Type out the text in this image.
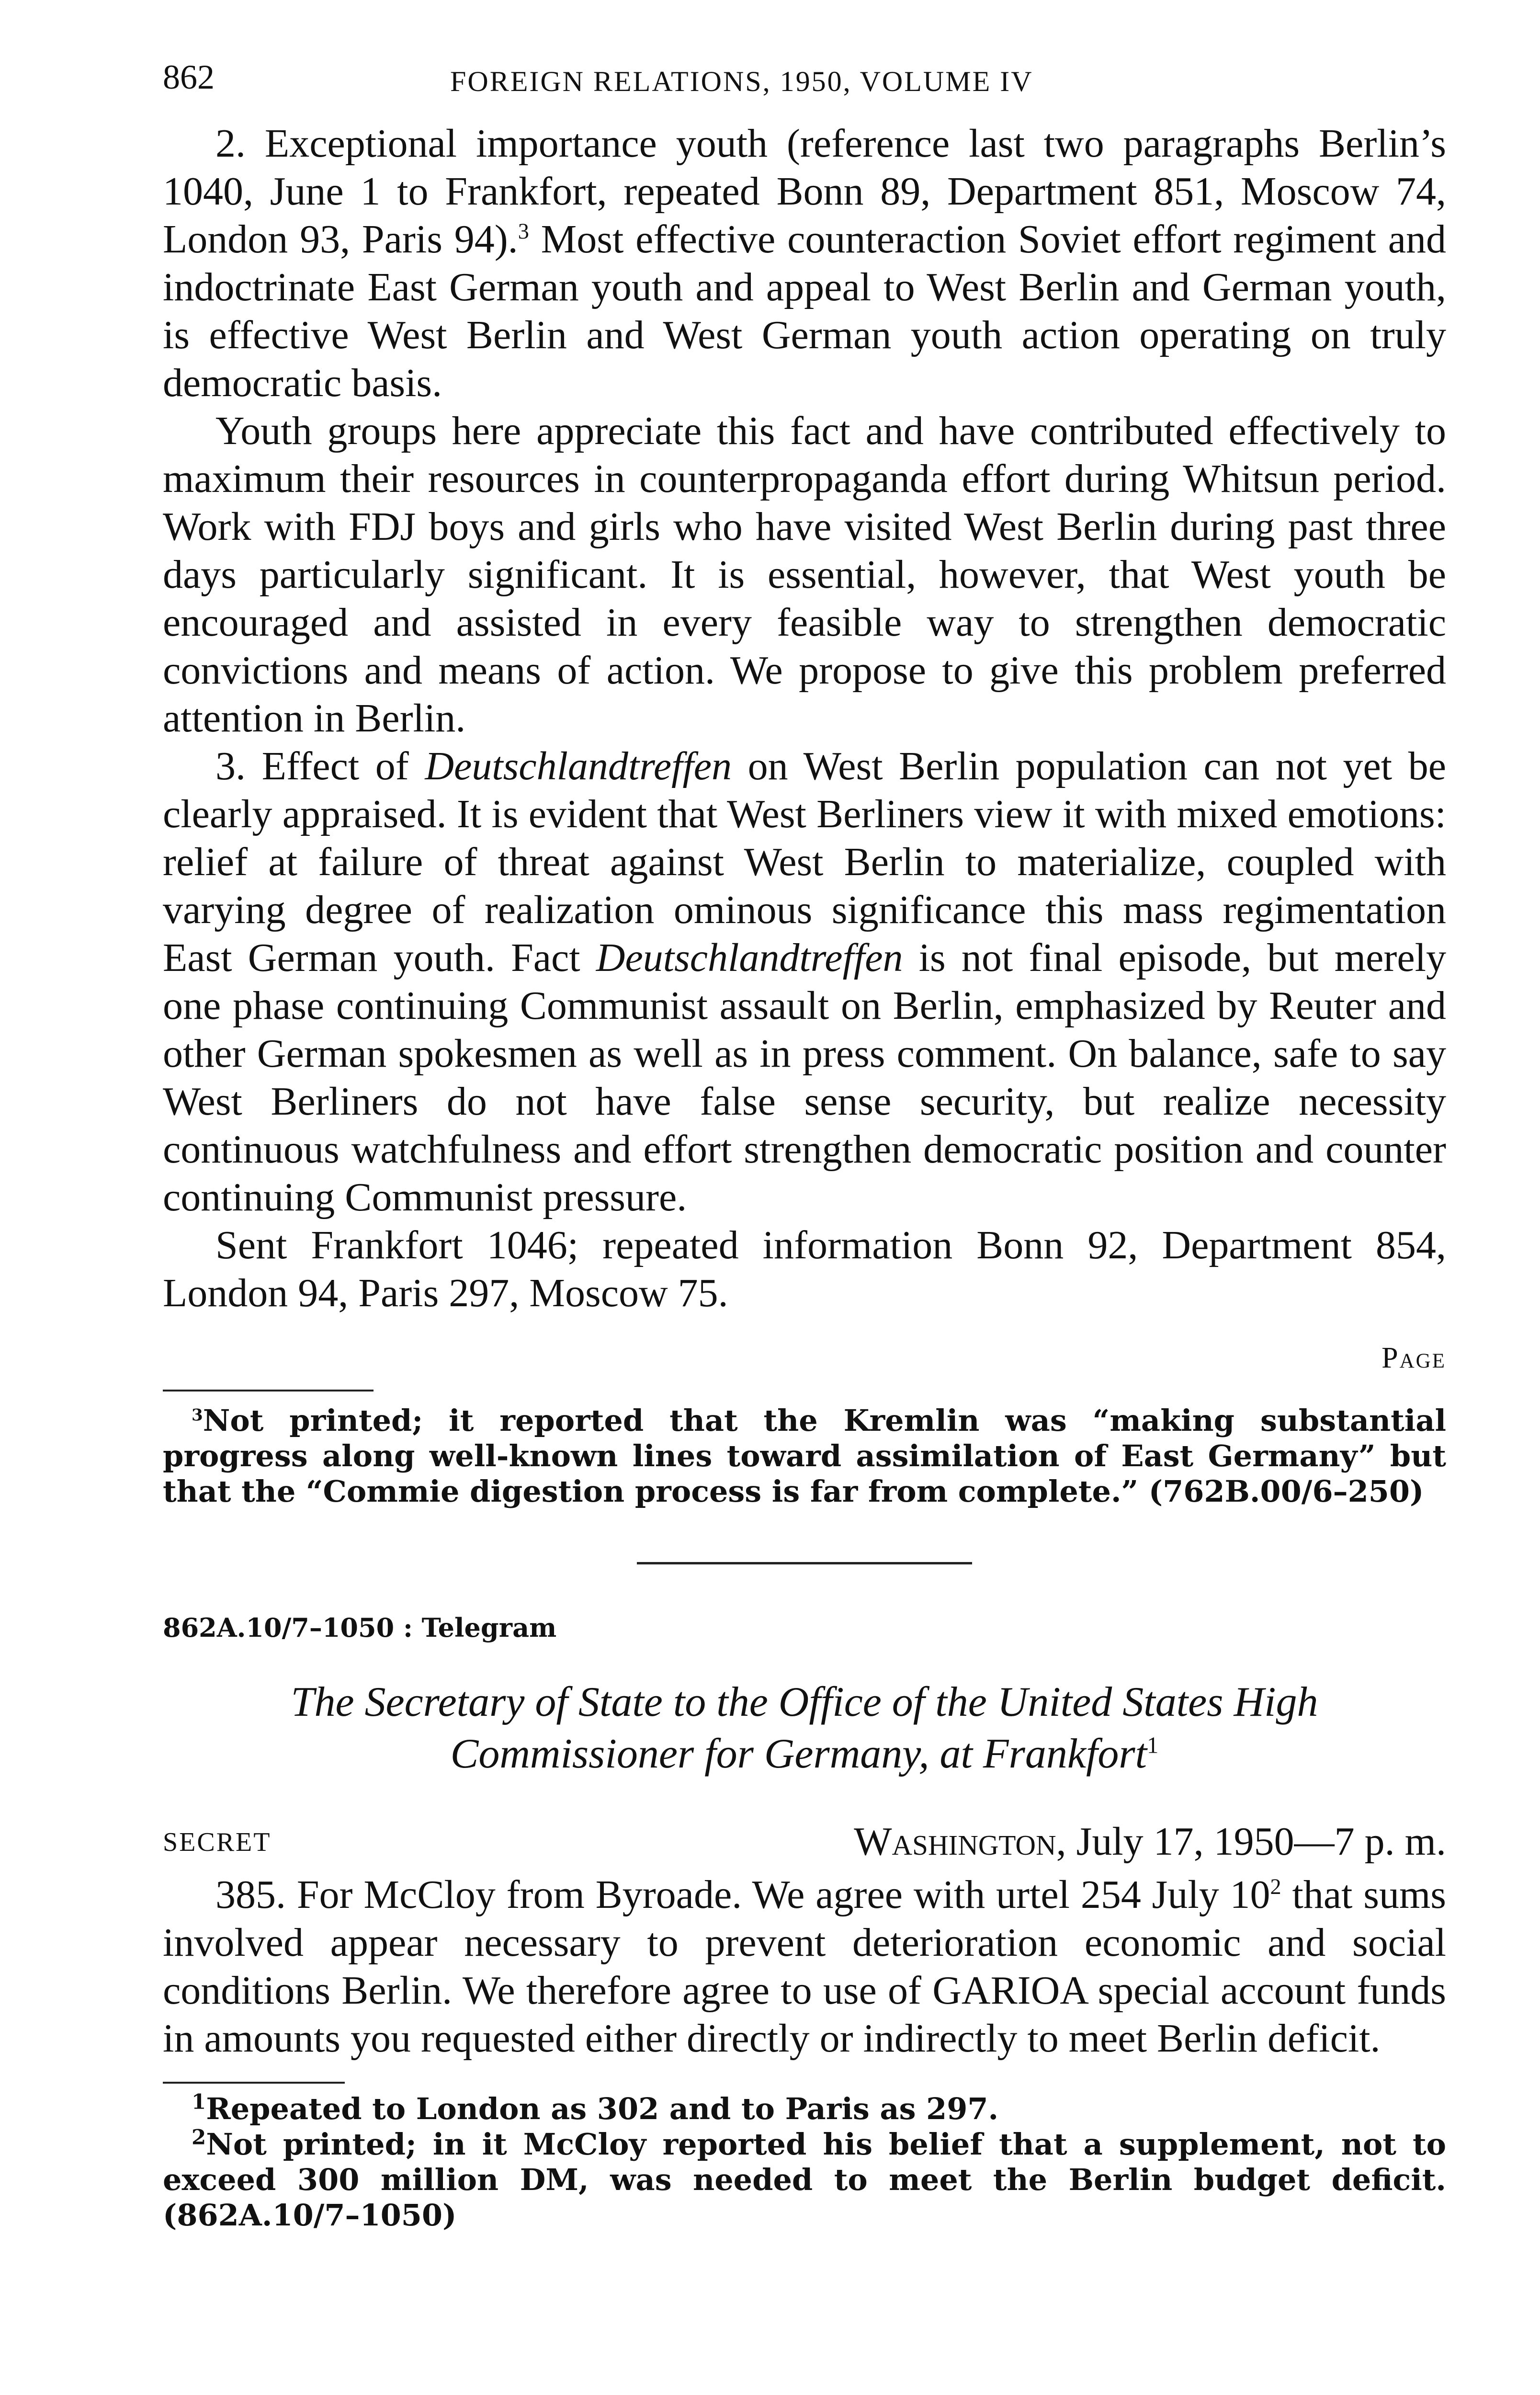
862	FOREIGN RELATIONS, 1950, VOLUME IV

2. Exceptional importance youth (reference last two paragraphs Berlin’s 1040, June 1 to Frankfort, repeated Bonn 89, Department 851, Moscow 74, London 93, Paris 94).$^3$ Most effective counteraction Soviet effort regiment and indoctrinate East German youth and appeal to West Berlin and German youth, is effective West Berlin and West German youth action operating on truly democratic basis.

Youth groups here appreciate this fact and have contributed effectively to maximum their resources in counterpropaganda effort during Whitsun period. Work with FDJ boys and girls who have visited West Berlin during past three days particularly significant. It is essential, however, that West youth be encouraged and assisted in every feasible way to strengthen democratic convictions and means of action. We propose to give this problem preferred attention in Berlin.

3. Effect of Deutschlandtreffen on West Berlin population can not yet be clearly appraised. It is evident that West Berliners view it with mixed emotions: relief at failure of threat against West Berlin to materialize, coupled with varying degree of realization ominous significance this mass regimentation East German youth. Fact Deutschlandtreffen is not final episode, but merely one phase continuing Communist assault on Berlin, emphasized by Reuter and other German spokesmen as well as in press comment. On balance, safe to say West Berliners do not have false sense security, but realize necessity continuous watchfulness and effort strengthen democratic position and counter continuing Communist pressure.

Sent Frankfort 1046; repeated information Bonn 92, Department 854, London 94, Paris 297, Moscow 75.

Page

$^3$Not printed; it reported that the Kremlin was “making substantial progress along well-known lines toward assimilation of East Germany” but that the “Commie digestion process is far from complete.” (762B.00/6–250)

862A.10/7–1050 : Telegram
The Secretary of State to the Office of the United States High Commissioner for Germany, at Frankfort$^1$
SECRET	Washington, July 17, 1950—7 p. m.

385. For McCloy from Byroade. We agree with urtel 254 July $10^2$ that sums involved appear necessary to prevent deterioration economic and social conditions Berlin. We therefore agree to use of GARIOA special account funds in amounts you requested either directly or indirectly to meet Berlin deficit.

$^1$Repeated to London as 302 and to Paris as 297.

$^2$Not printed; in it McCloy reported his belief that a supplement, not to exceed 300 million DM, was needed to meet the Berlin budget deficit. (862A.10/7–1050)
